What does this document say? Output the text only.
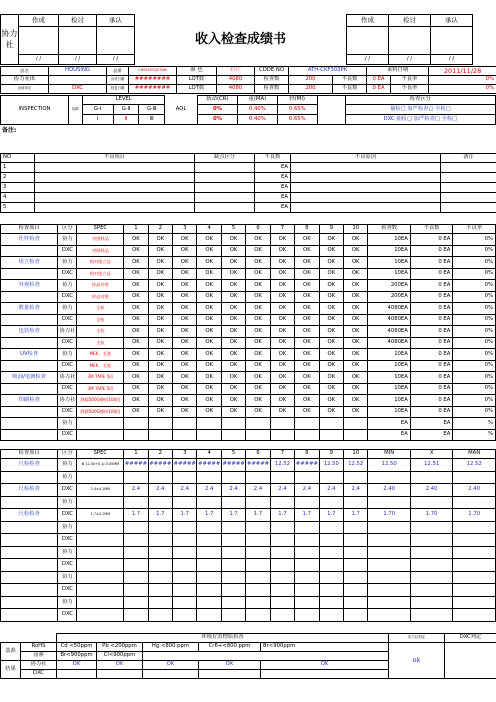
协力社	作成	检讨	承认	收入检查成绩书	作成	检讨	承认	

	/ /	/ /	/ /		/ /	/ /	/ /	
品名	HOUSING	品番	CN470031JETWA	颜 色	粉红	CODE NO	ATH-CKF303PK		来料日期		2011/11/28
协力业体		出货日期	########	LOT数	4080	检查数	200	不良数	0 EA	不良率	0%
出荷单位	DXC	回复日期	########	LOT数	4080	检查数	200	不良数	0 EA	不良率	0%
INSPECTION	抽样	LEVEL			AQL	致命(CR)	重(MA)	轻(MI)		检查区分
		G-Ⅰ	G-Ⅱ	G-Ⅲ		0%	0.40%	0.65%		抽检□ 加严检查□ 全检□
		Ⅰ	Ⅱ	Ⅲ		0%	0.40%	0.65%		DXC 抽检□ 加严检查□ 全检□
备注:
NO	不良项目	缺点区分	不良数	不良原因	备注
1			EA		
2			EA		
3			EA		
4			EA		
5			EA		
检查项目	区分	SPEC	1	2	3	4	5	6	7	8	9	10	检查数	不良数	不良率
仕样检查	协力	对照样品	OK	OK	OK	OK	OK	OK	OK	OK	OK	OK	10EA	0 EA	0%
	DXC	对照样品	OK	OK	OK	OK	OK	OK	OK	OK	OK	OK	10EA	0 EA	0%
组立检查	协力	相对组立品	OK	OK	OK	OK	OK	OK	OK	OK	OK	OK	10EA	0 EA	0%
	DXC	相对组立品	OK	OK	OK	OK	OK	OK	OK	OK	OK	OK	10EA	0 EA	0%
外观检查	协力	样品对照	OK	OK	OK	OK	OK	OK	OK	OK	OK	OK	200EA	0 EA	0%
	DXC	样品对照	OK	OK	OK	OK	OK	OK	OK	OK	OK	OK	200EA	0 EA	0%
数量检查	协力	全检	OK	OK	OK	OK	OK	OK	OK	OK	OK	OK	4080EA	0 EA	0%
	DXC	全检	OK	OK	OK	OK	OK	OK	OK	OK	OK	OK	4080EA	0 EA	0%
包装检查	协力社	全检	OK	OK	OK	OK	OK	OK	OK	OK	OK	OK	4080EA	0 EA	0%
	DXC	全检	OK	OK	OK	OK	OK	OK	OK	OK	OK	OK	4080EA	0 EA	0%
UV检查	协力	MEK、毛笔	OK	OK	OK	OK	OK	OK	OK	OK	OK	OK	10EA	0 EA	0%
	DXC	MEK、毛笔	OK	OK	OK	OK	OK	OK	OK	OK	OK	OK	10EA	0 EA	0%
喷油/电镀检查	协力社	3M TAPE 5回	OK	OK	OK	OK	OK	OK	OK	OK	OK	OK	10EA	0 EA	0%
	DXC	3M TAPE 5回	OK	OK	OK	OK	OK	OK	OK	OK	OK	OK	10EA	0 EA	0%
印刷检查	协力社	酒精500G擦拭100回	OK	OK	OK	OK	OK	OK	OK	OK	OK	OK	10EA	0 EA	0%
	DXC	酒精500G擦拭100回	OK	OK	OK	OK	OK	OK	OK	OK	OK	OK	10EA	0 EA	0%
	协力												EA	EA	%
	DXC												EA	EA	%
检查项目	区分	SPEC	1	2	3	4	5	6	7	8	9	10	MIN	X	MAN
尺检检查	协力	Φ 12.50+0.1/-0.05MM	#####	#####	#####	#####	#####	#####	12.52	#####	12.50	12.52	12.50	12.51	12.52
	协力														
尺检检查	DXC	2.4±0.1MM	2.4	2.4	2.4	2.4	2.4	2.4	2.4	2.4	2.4	2.4	2.40	2.40	2.40
	协力														
尺检检查	DXC	1.7±0.1MM	1.7	1.7	1.7	1.7	1.7	1.7	1.7	1.7	1.7	1.7	1.70	1.70	1.70
	协力														
	DXC														
	协力														
	DXC														
	协力														
	DXC														
	协力														
	DXC														
		环境有害物质检查					协力社判定	DXC判定
基准	RoHS	Cd <50ppm	Pb <200ppm	Hg <800 ppm	Cr6+<800 ppm	Br<900ppm	ok	
	卤素	Br<900ppm	Cl<900ppm					
结果	协力社	OK	OK	OK	OK	OK		
	DXC							
